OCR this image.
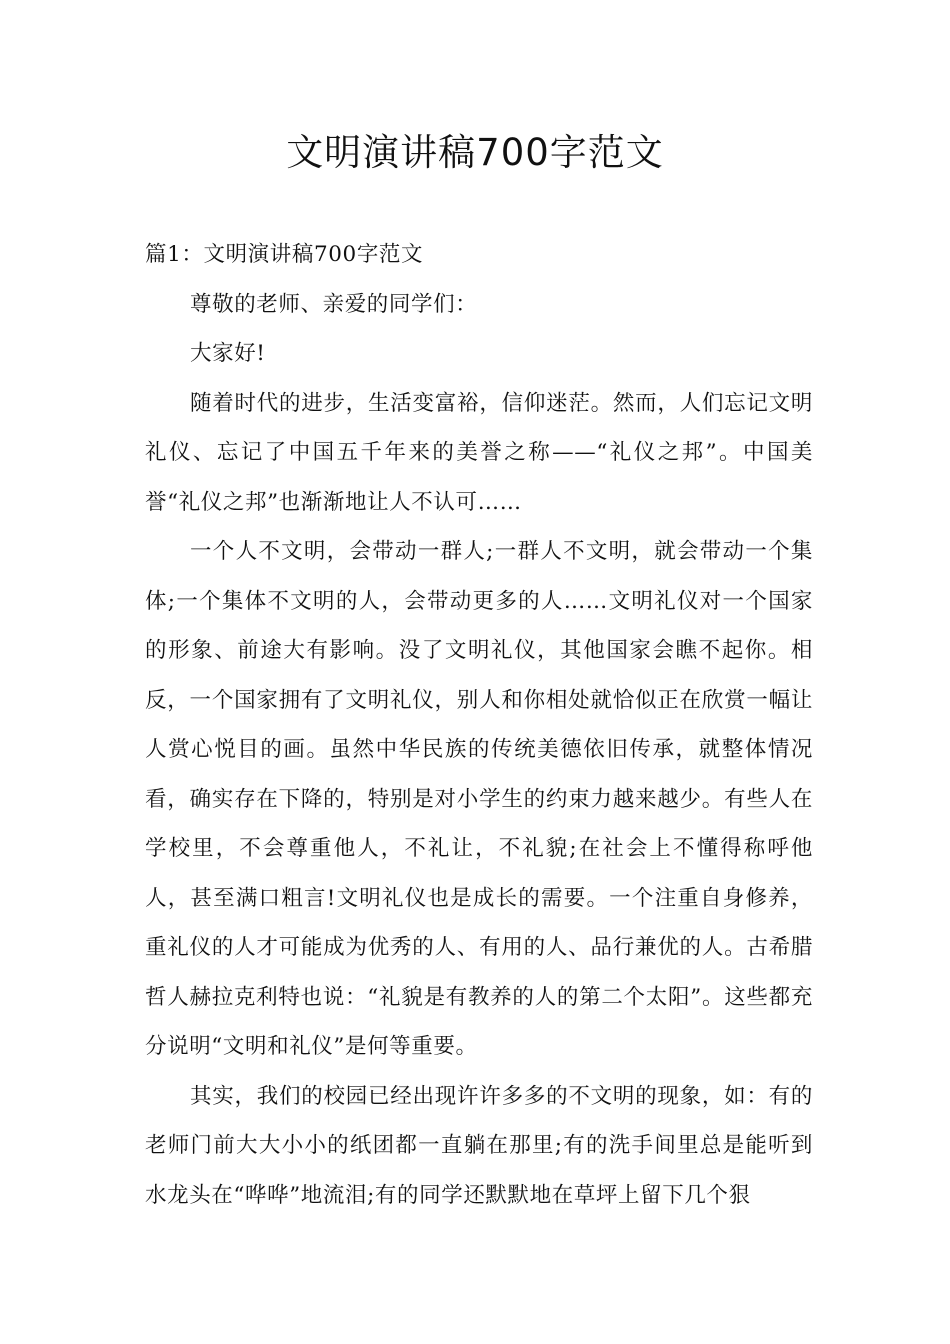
文明演讲稿700字范文

篇1：文明演讲稿700字范文

尊敬的老师、亲爱的同学们：

大家好!

随着时代的进步，生活变富裕，信仰迷茫。然而，人们忘记文明礼仪、忘记了中国五千年来的美誉之称——“礼仪之邦”。中国美誉“礼仪之邦”也渐渐地让人不认可……

一个人不文明，会带动一群人;一群人不文明，就会带动一个集体;一个集体不文明的人，会带动更多的人……文明礼仪对一个国家的形象、前途大有影响。没了文明礼仪，其他国家会瞧不起你。相反，一个国家拥有了文明礼仪，别人和你相处就恰似正在欣赏一幅让人赏心悦目的画。虽然中华民族的传统美德依旧传承，就整体情况看，确实存在下降的，特别是对小学生的约束力越来越少。有些人在学校里，不会尊重他人，不礼让，不礼貌;在社会上不懂得称呼他人，甚至满口粗言!文明礼仪也是成长的需要。一个注重自身修养，重礼仪的人才可能成为优秀的人、有用的人、品行兼优的人。古希腊哲人赫拉克利特也说：“礼貌是有教养的人的第二个太阳”。这些都充分说明“文明和礼仪”是何等重要。

其实，我们的校园已经出现许许多多的不文明的现象，如：有的老师门前大大小小的纸团都一直躺在那里;有的洗手间里总是能听到水龙头在“哗哗”地流泪;有的同学还默默地在草坪上留下几个狠
